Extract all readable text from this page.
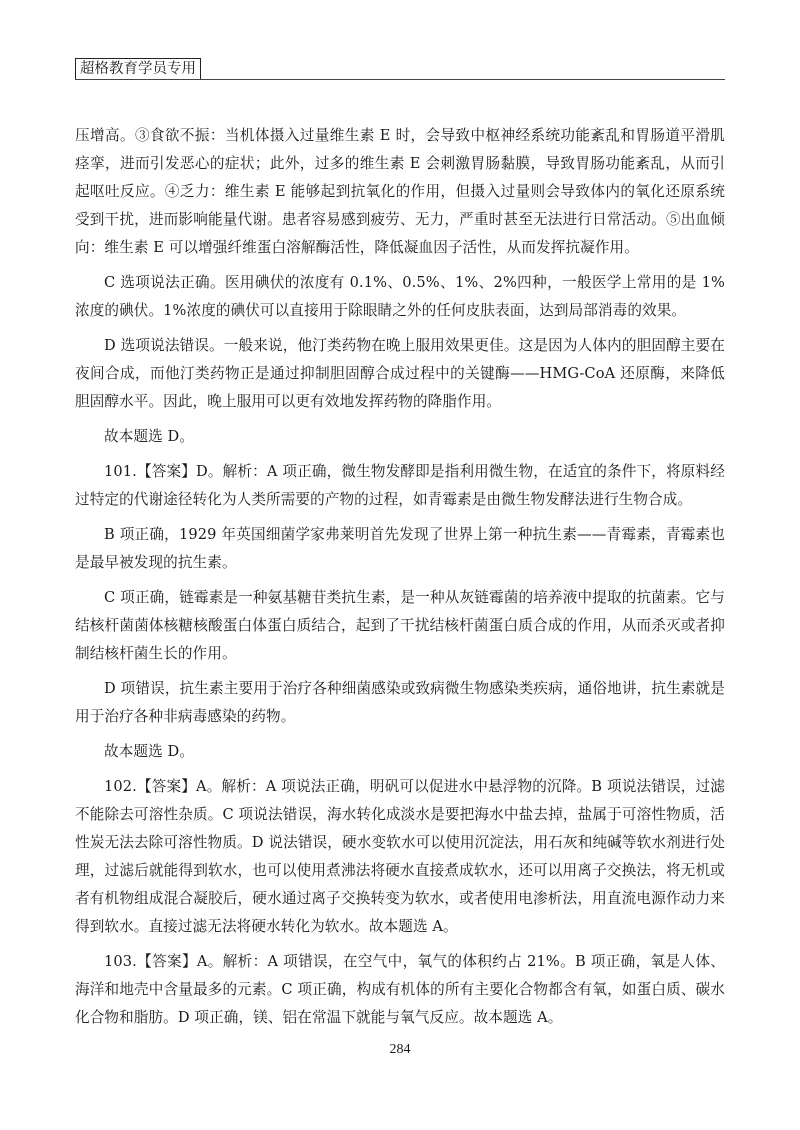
超格教育学员专用

压增高。③食欲不振：当机体摄入过量维生素 E 时，会导致中枢神经系统功能紊乱和胃肠道平滑肌痉挛，进而引发恶心的症状；此外，过多的维生素 E 会刺激胃肠黏膜，导致胃肠功能紊乱，从而引起呕吐反应。④乏力：维生素 E 能够起到抗氧化的作用，但摄入过量则会导致体内的氧化还原系统受到干扰，进而影响能量代谢。患者容易感到疲劳、无力，严重时甚至无法进行日常活动。⑤出血倾向：维生素 E 可以增强纤维蛋白溶解酶活性，降低凝血因子活性，从而发挥抗凝作用。

C 选项说法正确。医用碘伏的浓度有 0.1%、0.5%、1%、2%四种，一般医学上常用的是 1%浓度的碘伏。1%浓度的碘伏可以直接用于除眼睛之外的任何皮肤表面，达到局部消毒的效果。

D 选项说法错误。一般来说，他汀类药物在晚上服用效果更佳。这是因为人体内的胆固醇主要在夜间合成，而他汀类药物正是通过抑制胆固醇合成过程中的关键酶——HMG-CoA 还原酶，来降低胆固醇水平。因此，晚上服用可以更有效地发挥药物的降脂作用。

故本题选 D。

101.【答案】D。解析：A 项正确，微生物发酵即是指利用微生物，在适宜的条件下，将原料经过特定的代谢途径转化为人类所需要的产物的过程，如青霉素是由微生物发酵法进行生物合成。

B 项正确，1929 年英国细菌学家弗莱明首先发现了世界上第一种抗生素——青霉素，青霉素也是最早被发现的抗生素。

C 项正确，链霉素是一种氨基糖苷类抗生素，是一种从灰链霉菌的培养液中提取的抗菌素。它与结核杆菌菌体核糖核酸蛋白体蛋白质结合，起到了干扰结核杆菌蛋白质合成的作用，从而杀灭或者抑制结核杆菌生长的作用。

D 项错误，抗生素主要用于治疗各种细菌感染或致病微生物感染类疾病，通俗地讲，抗生素就是用于治疗各种非病毒感染的药物。

故本题选 D。

102.【答案】A。解析：A 项说法正确，明矾可以促进水中悬浮物的沉降。B 项说法错误，过滤不能除去可溶性杂质。C 项说法错误，海水转化成淡水是要把海水中盐去掉，盐属于可溶性物质，活性炭无法去除可溶性物质。D 说法错误，硬水变软水可以使用沉淀法，用石灰和纯碱等软水剂进行处理，过滤后就能得到软水，也可以使用煮沸法将硬水直接煮成软水，还可以用离子交换法，将无机或者有机物组成混合凝胶后，硬水通过离子交换转变为软水，或者使用电渗析法，用直流电源作动力来得到软水。直接过滤无法将硬水转化为软水。故本题选 A。

103.【答案】A。解析：A 项错误，在空气中，氧气的体积约占 21%。B 项正确，氧是人体、海洋和地壳中含量最多的元素。C 项正确，构成有机体的所有主要化合物都含有氧，如蛋白质、碳水化合物和脂肪。D 项正确，镁、铝在常温下就能与氧气反应。故本题选 A。

284
